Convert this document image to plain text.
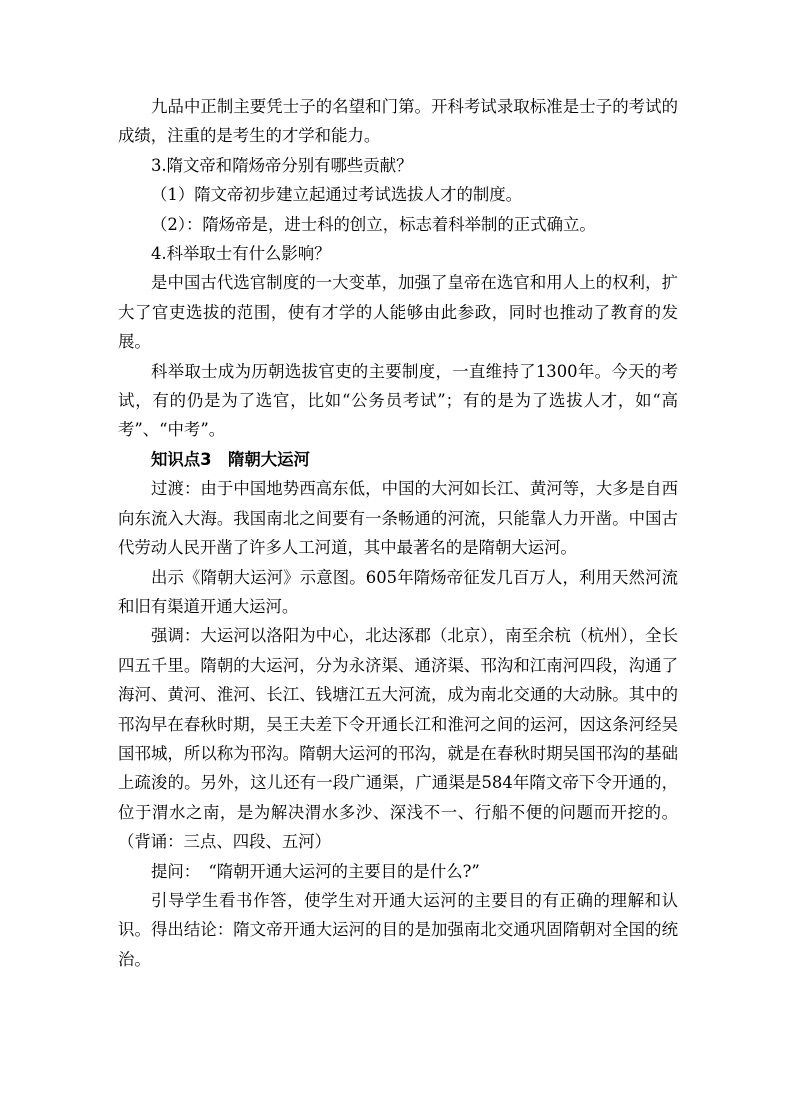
九品中正制主要凭士子的名望和门第。开科考试录取标准是士子的考试的成绩，注重的是考生的才学和能力。

3.隋文帝和隋炀帝分别有哪些贡献？

（1）隋文帝初步建立起通过考试选拔人才的制度。

（2）：隋炀帝是，进士科的创立，标志着科举制的正式确立。

4.科举取士有什么影响？

是中国古代选官制度的一大变革，加强了皇帝在选官和用人上的权利，扩大了官吏选拔的范围，使有才学的人能够由此参政，同时也推动了教育的发展。

科举取士成为历朝选拔官吏的主要制度，一直维持了1300年。今天的考试，有的仍是为了选官，比如“公务员考试”；有的是为了选拔人才，如“高考”、“中考”。

知识点3　隋朝大运河

过渡：由于中国地势西高东低，中国的大河如长江、黄河等，大多是自西向东流入大海。我国南北之间要有一条畅通的河流，只能靠人力开凿。中国古代劳动人民开凿了许多人工河道，其中最著名的是隋朝大运河。

出示《隋朝大运河》示意图。605年隋炀帝征发几百万人，利用天然河流和旧有渠道开通大运河。

强调：大运河以洛阳为中心，北达涿郡（北京），南至余杭（杭州），全长四五千里。隋朝的大运河，分为永济渠、通济渠、邗沟和江南河四段，沟通了海河、黄河、淮河、长江、钱塘江五大河流，成为南北交通的大动脉。其中的邗沟早在春秋时期，吴王夫差下令开通长江和淮河之间的运河，因这条河经吴国邗城，所以称为邗沟。隋朝大运河的邗沟，就是在春秋时期吴国邗沟的基础上疏浚的。另外，这儿还有一段广通渠，广通渠是584年隋文帝下令开通的，位于渭水之南，是为解决渭水多沙、深浅不一、行船不便的问题而开挖的。（背诵：三点、四段、五河）

提问：　“隋朝开通大运河的主要目的是什么?”

引导学生看书作答，使学生对开通大运河的主要目的有正确的理解和认识。得出结论：隋文帝开通大运河的目的是加强南北交通巩固隋朝对全国的统治。
